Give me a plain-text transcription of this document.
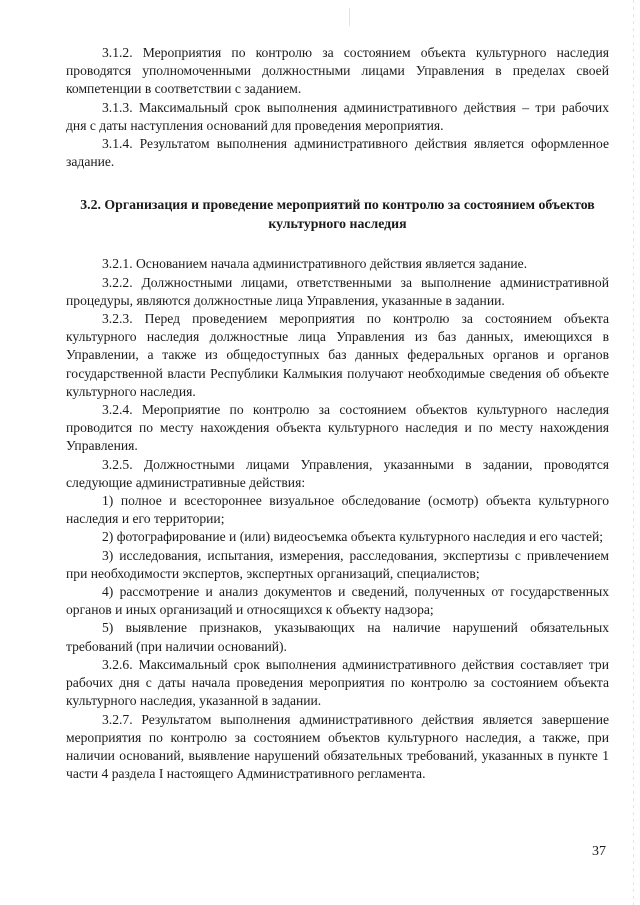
3.1.2. Мероприятия по контролю за состоянием объекта культурного наследия проводятся уполномоченными должностными лицами Управления в пределах своей компетенции в соответствии с заданием.

3.1.3. Максимальный срок выполнения административного действия – три рабочих дня с даты наступления оснований для проведения мероприятия.

3.1.4. Результатом выполнения административного действия является оформленное задание.

3.2. Организация и проведение мероприятий по контролю за состоянием объектов культурного наследия

3.2.1. Основанием начала административного действия является задание.

3.2.2. Должностными лицами, ответственными за выполнение административной процедуры, являются должностные лица Управления, указанные в задании.

3.2.3. Перед проведением мероприятия по контролю за состоянием объекта культурного наследия должностные лица Управления из баз данных, имеющихся в Управлении, а также из общедоступных баз данных федеральных органов и органов государственной власти Республики Калмыкия получают необходимые сведения об объекте культурного наследия.

3.2.4. Мероприятие по контролю за состоянием объектов культурного наследия проводится по месту нахождения объекта культурного наследия и по месту нахождения Управления.

3.2.5. Должностными лицами Управления, указанными в задании, проводятся следующие административные действия:

1) полное и всестороннее визуальное обследование (осмотр) объекта культурного наследия и его территории;

2) фотографирование и (или) видеосъемка объекта культурного наследия и его частей;

3) исследования, испытания, измерения, расследования, экспертизы с привлечением при необходимости экспертов, экспертных организаций, специалистов;

4) рассмотрение и анализ документов и сведений, полученных от государственных органов и иных организаций и относящихся к объекту надзора;

5) выявление признаков, указывающих на наличие нарушений обязательных требований (при наличии оснований).

3.2.6. Максимальный срок выполнения административного действия составляет три рабочих дня с даты начала проведения мероприятия по контролю за состоянием объекта культурного наследия, указанной в задании.

3.2.7. Результатом выполнения административного действия является завершение мероприятия по контролю за состоянием объектов культурного наследия, а также, при наличии оснований, выявление нарушений обязательных требований, указанных в пункте 1 части 4 раздела I настоящего Административного регламента.

37
